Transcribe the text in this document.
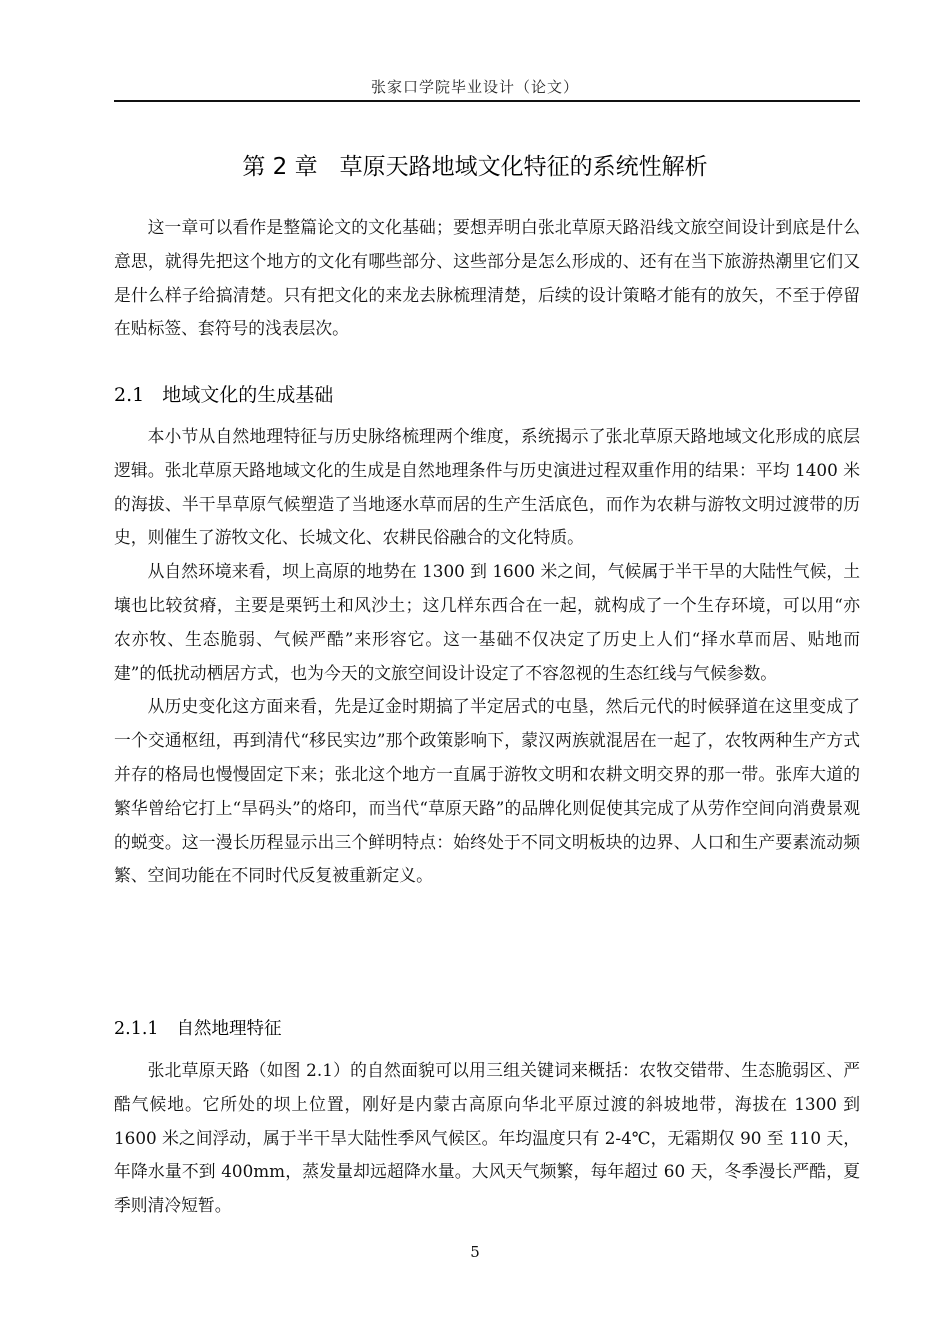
张家口学院毕业设计（论文）
第 2 章 草原天路地域文化特征的系统性解析

这一章可以看作是整篇论文的文化基础；要想弄明白张北草原天路沿线文旅空间设计到底是什么意思，就得先把这个地方的文化有哪些部分、这些部分是怎么形成的、还有在当下旅游热潮里它们又是什么样子给搞清楚。只有把文化的来龙去脉梳理清楚，后续的设计策略才能有的放矢，不至于停留在贴标签、套符号的浅表层次。

2.1 地域文化的生成基础

本小节从自然地理特征与历史脉络梳理两个维度，系统揭示了张北草原天路地域文化形成的底层逻辑。张北草原天路地域文化的生成是自然地理条件与历史演进过程双重作用的结果：平均 1400 米的海拔、半干旱草原气候塑造了当地逐水草而居的生产生活底色，而作为农耕与游牧文明过渡带的历史，则催生了游牧文化、长城文化、农耕民俗融合的文化特质。

从自然环境来看，坝上高原的地势在 1300 到 1600 米之间，气候属于半干旱的大陆性气候，土壤也比较贫瘠，主要是栗钙土和风沙土；这几样东西合在一起，就构成了一个生存环境，可以用“亦农亦牧、生态脆弱、气候严酷”来形容它。这一基础不仅决定了历史上人们“择水草而居、贴地而建”的低扰动栖居方式，也为今天的文旅空间设计设定了不容忽视的生态红线与气候参数。

从历史变化这方面来看，先是辽金时期搞了半定居式的屯垦，然后元代的时候驿道在这里变成了一个交通枢纽，再到清代“移民实边”那个政策影响下，蒙汉两族就混居在一起了，农牧两种生产方式并存的格局也慢慢固定下来；张北这个地方一直属于游牧文明和农耕文明交界的那一带。张库大道的繁华曾给它打上“旱码头”的烙印，而当代“草原天路”的品牌化则促使其完成了从劳作空间向消费景观的蜕变。这一漫长历程显示出三个鲜明特点：始终处于不同文明板块的边界、人口和生产要素流动频繁、空间功能在不同时代反复被重新定义。

2.1.1 自然地理特征

张北草原天路（如图 2.1）的自然面貌可以用三组关键词来概括：农牧交错带、生态脆弱区、严酷气候地。它所处的坝上位置，刚好是内蒙古高原向华北平原过渡的斜坡地带，海拔在 1300 到 1600 米之间浮动，属于半干旱大陆性季风气候区。年均温度只有 2-4℃，无霜期仅 90 至 110 天，年降水量不到 400mm，蒸发量却远超降水量。大风天气频繁，每年超过 60 天，冬季漫长严酷，夏季则清冷短暂。

5
